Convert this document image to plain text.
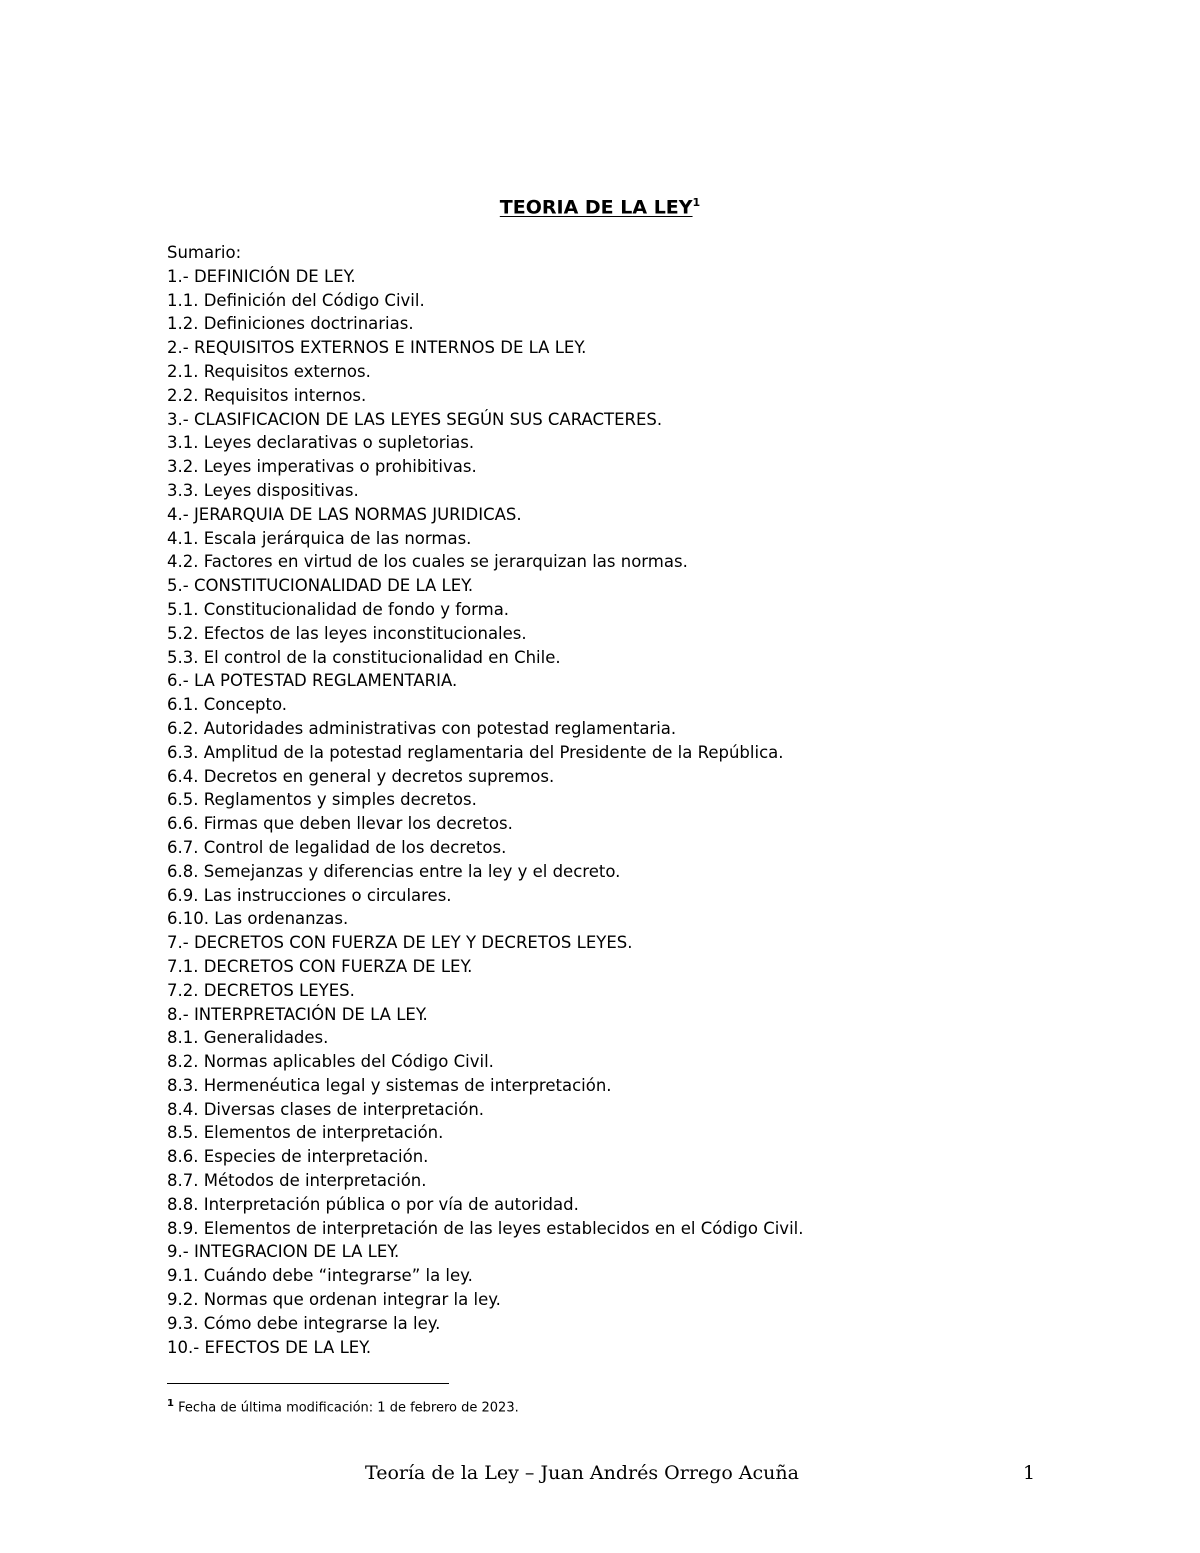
TEORIA DE LA LEY$^1$
Sumario:
1.- DEFINICIÓN DE LEY.
1.1. Definición del Código Civil.
1.2. Definiciones doctrinarias.
2.- REQUISITOS EXTERNOS E INTERNOS DE LA LEY.
2.1. Requisitos externos.
2.2. Requisitos internos.
3.- CLASIFICACION DE LAS LEYES SEGÚN SUS CARACTERES.
3.1. Leyes declarativas o supletorias.
3.2. Leyes imperativas o prohibitivas.
3.3. Leyes dispositivas.
4.- JERARQUIA DE LAS NORMAS JURIDICAS.
4.1. Escala jerárquica de las normas.
4.2. Factores en virtud de los cuales se jerarquizan las normas.
5.- CONSTITUCIONALIDAD DE LA LEY.
5.1. Constitucionalidad de fondo y forma.
5.2. Efectos de las leyes inconstitucionales.
5.3. El control de la constitucionalidad en Chile.
6.- LA POTESTAD REGLAMENTARIA.
6.1. Concepto.
6.2. Autoridades administrativas con potestad reglamentaria.
6.3. Amplitud de la potestad reglamentaria del Presidente de la República.
6.4. Decretos en general y decretos supremos.
6.5. Reglamentos y simples decretos.
6.6. Firmas que deben llevar los decretos.
6.7. Control de legalidad de los decretos.
6.8. Semejanzas y diferencias entre la ley y el decreto.
6.9. Las instrucciones o circulares.
6.10. Las ordenanzas.
7.- DECRETOS CON FUERZA DE LEY Y DECRETOS LEYES.
7.1. DECRETOS CON FUERZA DE LEY.
7.2. DECRETOS LEYES.
8.- INTERPRETACIÓN DE LA LEY.
8.1. Generalidades.
8.2. Normas aplicables del Código Civil.
8.3. Hermenéutica legal y sistemas de interpretación.
8.4. Diversas clases de interpretación.
8.5. Elementos de interpretación.
8.6. Especies de interpretación.
8.7. Métodos de interpretación.
8.8. Interpretación pública o por vía de autoridad.
8.9. Elementos de interpretación de las leyes establecidos en el Código Civil.
9.- INTEGRACION DE LA LEY.
9.1. Cuándo debe “integrarse” la ley.
9.2. Normas que ordenan integrar la ley.
9.3. Cómo debe integrarse la ley.
10.- EFECTOS DE LA LEY.
$^1$ Fecha de última modificación: 1 de febrero de 2023.
Teoría de la Ley – Juan Andrés Orrego Acuña	1
